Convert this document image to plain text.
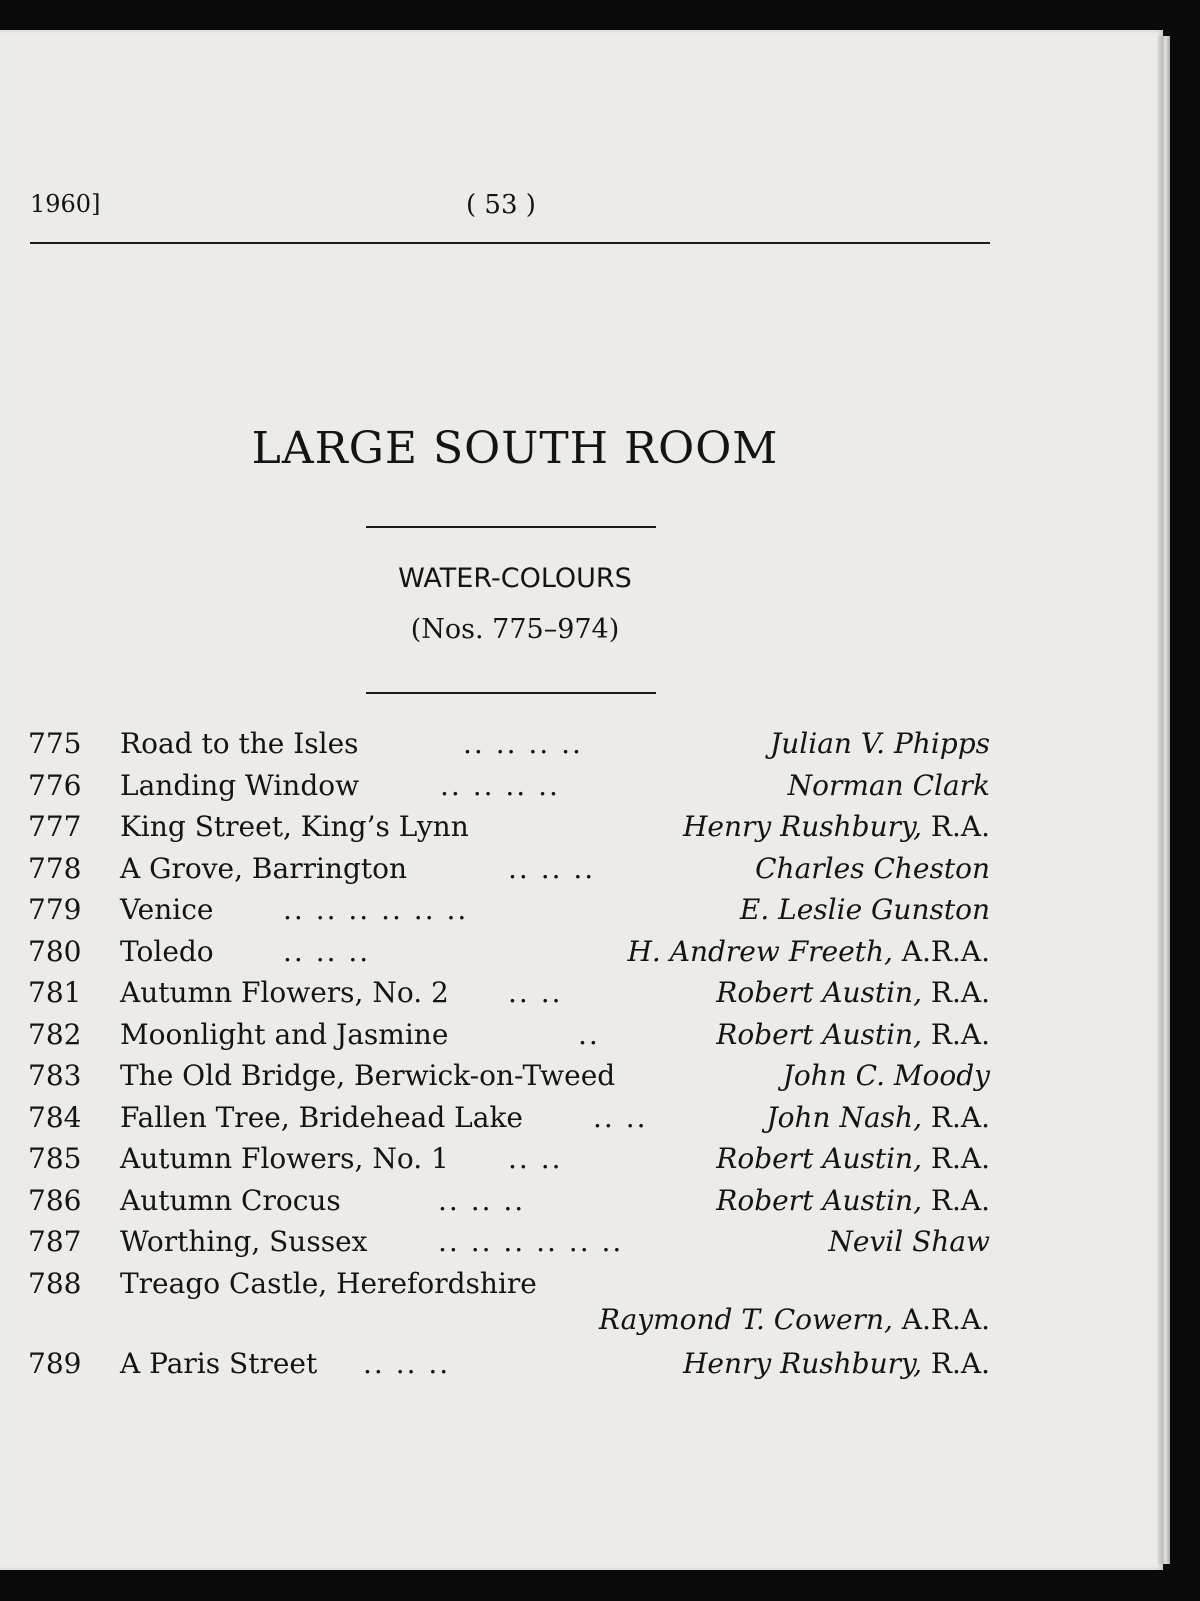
1960]	( 53 )
LARGE SOUTH ROOM
WATER-COLOURS
(Nos. 775–974)
775 Road to the Isles	.. .. .. ..	Julian V. Phipps
776 Landing Window	.. .. .. ..	Norman Clark
777 King Street, King’s Lynn	Henry Rushbury, R.A.
778 A Grove, Barrington	.. .. ..	Charles Cheston
779 Venice .. .. .. .. .. ..	E. Leslie Gunston
780 Toledo .. .. ..	H. Andrew Freeth, A.R.A.
781 Autumn Flowers, No. 2 .. ..	Robert Austin, R.A.
782 Moonlight and Jasmine	..	Robert Austin, R.A.
783 The Old Bridge, Berwick-on-Tweed	John C. Moody
784 Fallen Tree, Bridehead Lake	.. ..	John Nash, R.A.
785 Autumn Flowers, No. 1 .. ..	Robert Austin, R.A.
786 Autumn Crocus	.. .. ..	Robert Austin, R.A.
787 Worthing, Sussex	.. .. .. .. .. ..	Nevil Shaw
788 Treago Castle, Herefordshire
Raymond T. Cowern, A.R.A.
789 A Paris Street .. .. ..	Henry Rushbury, R.A.
